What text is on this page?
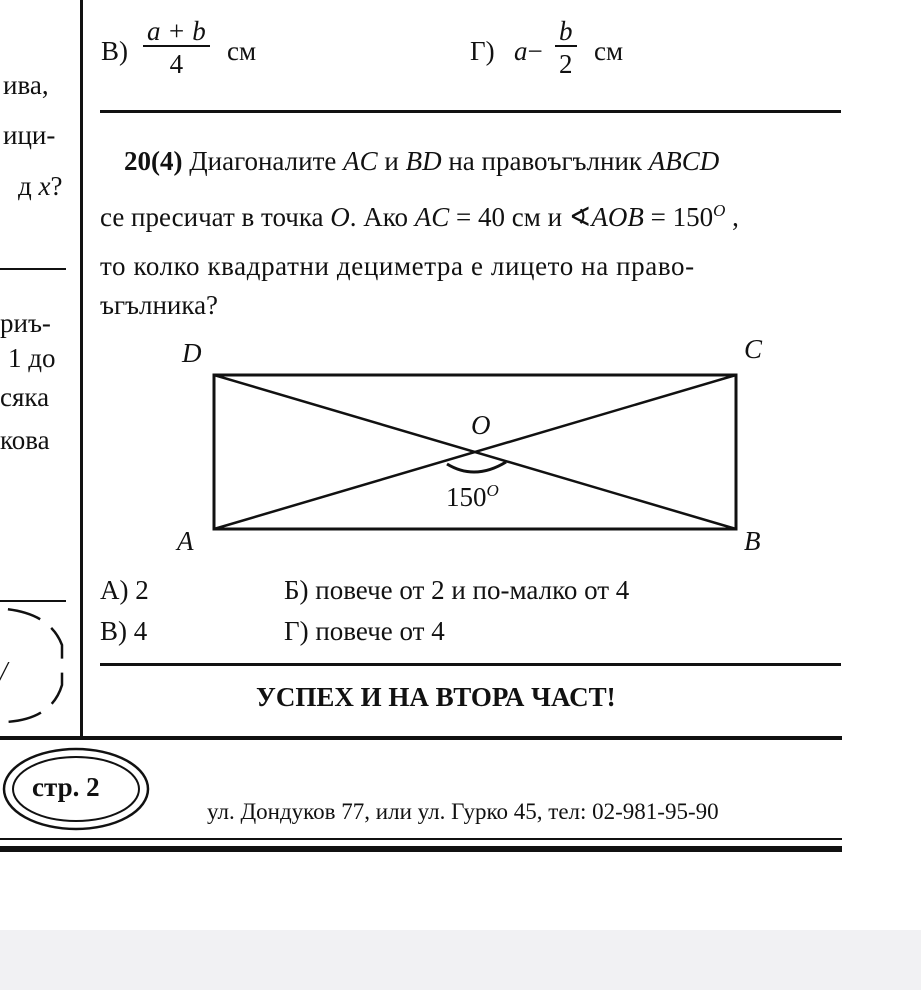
ива,
ици-
д x?
риъ-
1 до
сяка
кова
/
$В) \frac{a + b}{4}$ см	Г) $a- \frac{b}{2}$ см
20(4) Диагоналите AC и BD на правоъгълник ABCD
се пресичат в точка O. Ако AC = 40 см и ∢AOB = $150^O$ ,
то колко квадратни дециметра е лицето на право-
ъгълника?
D	C
O
A	B
$150^O$
А) 2	Б) повече от 2 и по-малко от 4
В) 4	Г) повече от 4
УСПЕХ И НА ВТОРА ЧАСТ!
стр. 2
ул. Дондуков 77, или ул. Гурко 45, тел: 02-981-95-90
